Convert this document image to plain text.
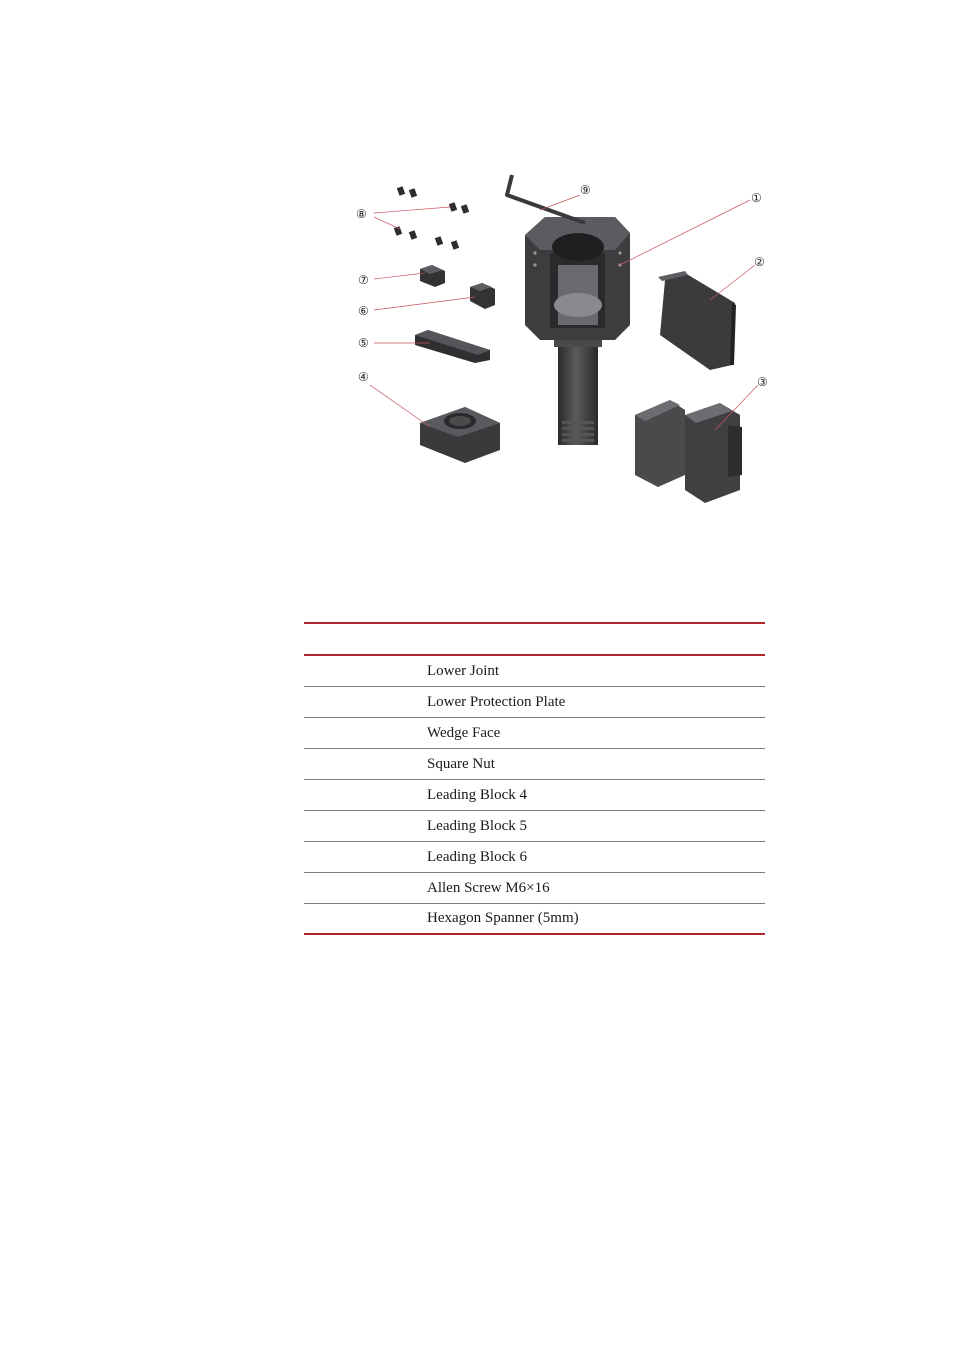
①
②
③
④
⑤
⑥
⑦
⑧
⑨

	Lower Joint
	Lower Protection Plate
	Wedge Face
	Square Nut
	Leading Block 4
	Leading Block 5
	Leading Block 6
	Allen Screw M6×16
	Hexagon Spanner (5mm)
